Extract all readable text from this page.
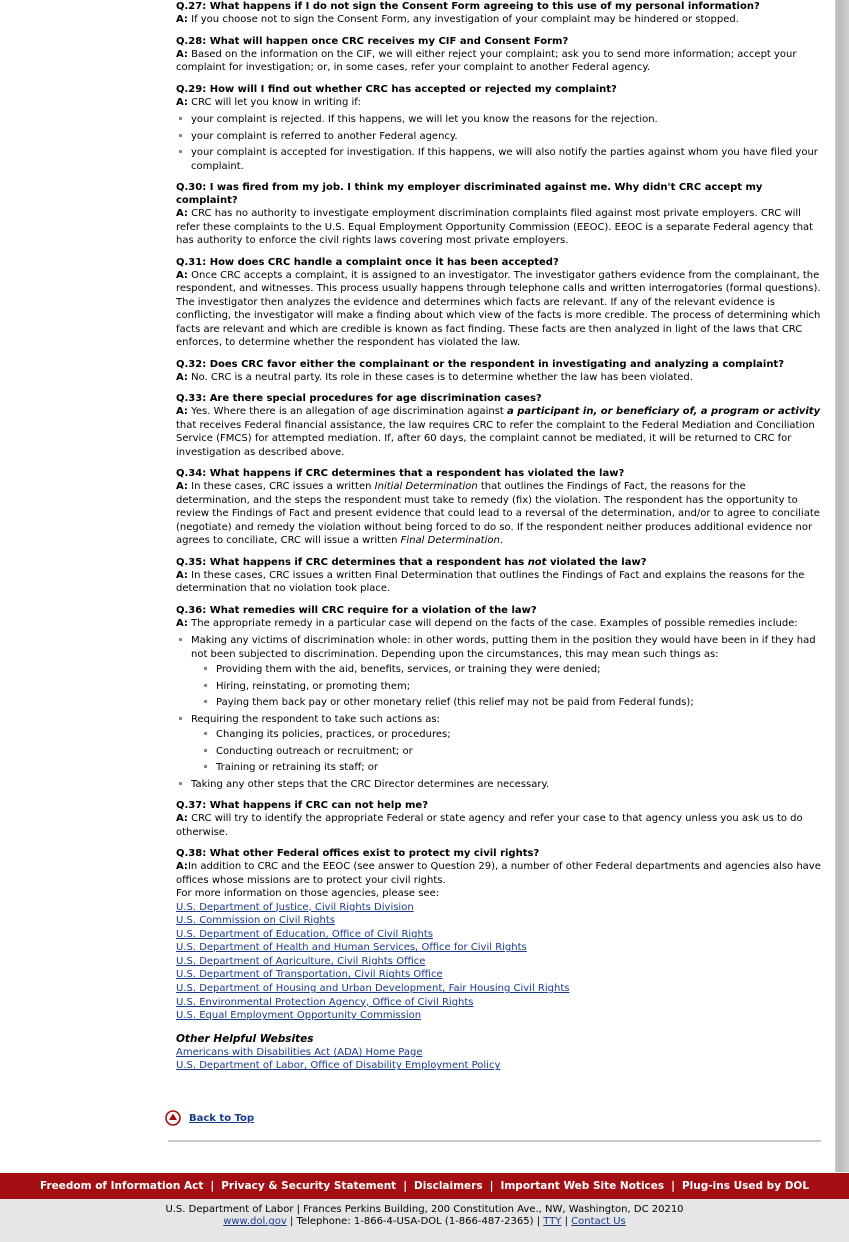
Q.27: What happens if I do not sign the Consent Form agreeing to this use of my personal information?
A: If you choose not to sign the Consent Form, any investigation of your complaint may be hindered or stopped.
Q.28: What will happen once CRC receives my CIF and Consent Form?
A: Based on the information on the CIF, we will either reject your complaint; ask you to send more information; accept your complaint for investigation; or, in some cases, refer your complaint to another Federal agency.
Q.29: How will I find out whether CRC has accepted or rejected my complaint?
A: CRC will let you know in writing if:
your complaint is rejected. If this happens, we will let you know the reasons for the rejection.
your complaint is referred to another Federal agency.
your complaint is accepted for investigation. If this happens, we will also notify the parties against whom you have filed your complaint.
Q.30: I was fired from my job. I think my employer discriminated against me. Why didn't CRC accept my complaint?
A: CRC has no authority to investigate employment discrimination complaints filed against most private employers. CRC will refer these complaints to the U.S. Equal Employment Opportunity Commission (EEOC). EEOC is a separate Federal agency that has authority to enforce the civil rights laws covering most private employers.
Q.31: How does CRC handle a complaint once it has been accepted?
A: Once CRC accepts a complaint, it is assigned to an investigator. The investigator gathers evidence from the complainant, the respondent, and witnesses. This process usually happens through telephone calls and written interrogatories (formal questions). The investigator then analyzes the evidence and determines which facts are relevant. If any of the relevant evidence is conflicting, the investigator will make a finding about which view of the facts is more credible. The process of determining which facts are relevant and which are credible is known as fact finding. These facts are then analyzed in light of the laws that CRC enforces, to determine whether the respondent has violated the law.
Q.32: Does CRC favor either the complainant or the respondent in investigating and analyzing a complaint?
A: No. CRC is a neutral party. Its role in these cases is to determine whether the law has been violated.
Q.33: Are there special procedures for age discrimination cases?
A: Yes. Where there is an allegation of age discrimination against a participant in, or beneficiary of, a program or activity that receives Federal financial assistance, the law requires CRC to refer the complaint to the Federal Mediation and Conciliation Service (FMCS) for attempted mediation. If, after 60 days, the complaint cannot be mediated, it will be returned to CRC for investigation as described above.
Q.34: What happens if CRC determines that a respondent has violated the law?
A: In these cases, CRC issues a written Initial Determination that outlines the Findings of Fact, the reasons for the determination, and the steps the respondent must take to remedy (fix) the violation. The respondent has the opportunity to review the Findings of Fact and present evidence that could lead to a reversal of the determination, and/or to agree to conciliate (negotiate) and remedy the violation without being forced to do so. If the respondent neither produces additional evidence nor agrees to conciliate, CRC will issue a written Final Determination.
Q.35: What happens if CRC determines that a respondent has not violated the law?
A: In these cases, CRC issues a written Final Determination that outlines the Findings of Fact and explains the reasons for the determination that no violation took place.
Q.36: What remedies will CRC require for a violation of the law?
A: The appropriate remedy in a particular case will depend on the facts of the case. Examples of possible remedies include:
Making any victims of discrimination whole: in other words, putting them in the position they would have been in if they had not been subjected to discrimination. Depending upon the circumstances, this may mean such things as:
Providing them with the aid, benefits, services, or training they were denied;
Hiring, reinstating, or promoting them;
Paying them back pay or other monetary relief (this relief may not be paid from Federal funds);
Requiring the respondent to take such actions as:
Changing its policies, practices, or procedures;
Conducting outreach or recruitment; or
Training or retraining its staff; or
Taking any other steps that the CRC Director determines are necessary.
Q.37: What happens if CRC can not help me?
A: CRC will try to identify the appropriate Federal or state agency and refer your case to that agency unless you ask us to do otherwise.
Q.38: What other Federal offices exist to protect my civil rights?
A:In addition to CRC and the EEOC (see answer to Question 29), a number of other Federal departments and agencies also have offices whose missions are to protect your civil rights.
For more information on those agencies, please see:
U.S. Department of Justice, Civil Rights Division
U.S. Commission on Civil Rights
U.S. Department of Education, Office of Civil Rights
U.S. Department of Health and Human Services, Office for Civil Rights
U.S. Department of Agriculture, Civil Rights Office
U.S. Department of Transportation, Civil Rights Office
U.S. Department of Housing and Urban Development, Fair Housing Civil Rights
U.S. Environmental Protection Agency, Office of Civil Rights
U.S. Equal Employment Opportunity Commission
Other Helpful Websites
Americans with Disabilities Act (ADA) Home Page
U.S. Department of Labor, Office of Disability Employment Policy
Back to Top
Freedom of Information Act | Privacy & Security Statement | Disclaimers | Important Web Site Notices | Plug-ins Used by DOL
U.S. Department of Labor | Frances Perkins Building, 200 Constitution Ave., NW, Washington, DC 20210
www.dol.gov | Telephone: 1-866-4-USA-DOL (1-866-487-2365) | TTY | Contact Us
